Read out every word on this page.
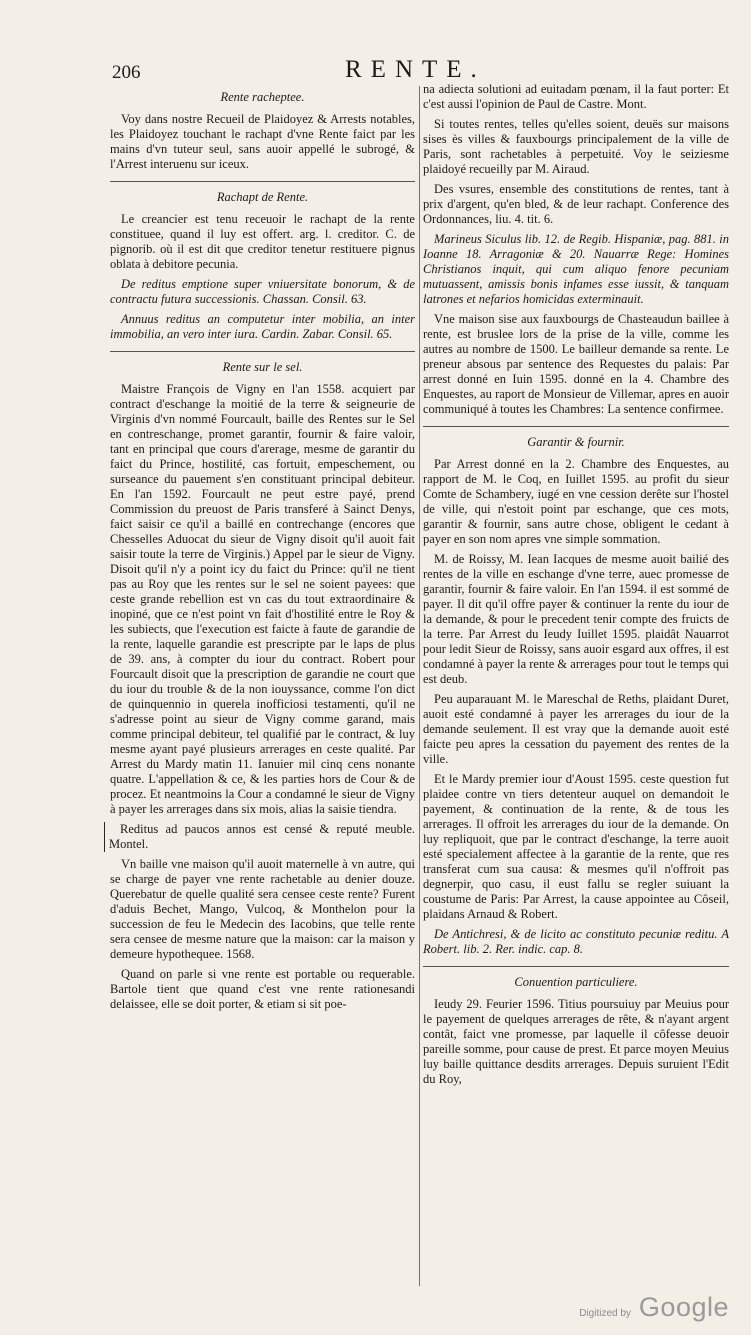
206	RENTE.

Rente racheptee.

Voy dans nostre Recueil de Plaidoyez & Arrests notables, les Plaidoyez touchant le rachapt d'vne Rente faict par les mains d'vn tuteur seul, sans auoir appellé le subrogé, & l'Arrest interuenu sur iceux.

Rachapt de Rente.

Le creancier est tenu receuoir le rachapt de la rente constituee, quand il luy est offert. arg. l. creditor. C. de pignorib. où il est dit que creditor tenetur restituere pignus oblata à debitore pecunia.

De reditus emptione super vniuersitate bonorum, & de contractu futura successionis. Chassan. Consil. 63.

Annuus reditus an computetur inter mobilia, an inter immobilia, an vero inter iura. Cardin. Zabar. Consil. 65.

Rente sur le sel.

Maistre François de Vigny en l'an 1558. acquiert par contract d'eschange la moitié de la terre & seigneurie de Virginis d'vn nommé Fourcault, baille des Rentes sur le Sel en contreschange, promet garantir, fournir & faire valoir, tant en principal que cours d'arerage, mesme de garantir du faict du Prince, hostilité, cas fortuit, empeschement, ou surseance du pauement s'en constituant principal debiteur. En l'an 1592. Fourcault ne peut estre payé, prend Commission du preuost de Paris transferé à Sainct Denys, faict saisir ce qu'il a baillé en contrechange (encores que Chesselles Aduocat du sieur de Vigny disoit qu'il auoit fait saisir toute la terre de Virginis.) Appel par le sieur de Vigny. Disoit qu'il n'y a point icy du faict du Prince: qu'il ne tient pas au Roy que les rentes sur le sel ne soient payees: que ceste grande rebellion est vn cas du tout extraordinaire & inopiné, que ce n'est point vn fait d'hostilité entre le Roy & les subiects, que l'execution est faicte à faute de garandie de la rente, laquelle garandie est prescripte par le laps de plus de 39. ans, à compter du iour du contract. Robert pour Fourcault disoit que la prescription de garandie ne court que du iour du trouble & de la non iouyssance, comme l'on dict de quinquennio in querela inofficiosi testamenti, qu'il ne s'adresse point au sieur de Vigny comme garand, mais comme principal debiteur, tel qualifié par le contract, & luy mesme ayant payé plusieurs arrerages en ceste qualité. Par Arrest du Mardy matin 11. Ianuier mil cinq cens nonante quatre. L'appellation & ce, & les parties hors de Cour & de procez. Et neantmoins la Cour a condamné le sieur de Vigny à payer les arrerages dans six mois, alias la saisie tiendra.

Reditus ad paucos annos est censé & reputé meuble. Montel.

Vn baille vne maison qu'il auoit maternelle à vn autre, qui se charge de payer vne rente rachetable au denier douze. Querebatur de quelle qualité sera censee ceste rente? Furent d'aduis Bechet, Mango, Vulcoq, & Monthelon pour la succession de feu le Medecin des Iacobins, que telle rente sera censee de mesme nature que la maison: car la maison y demeure hypothequee. 1568.

Quand on parle si vne rente est portable ou requerable. Bartole tient que quand c'est vne rente rationesandi delaissee, elle se doit porter, & etiam si sit poe-

na adiecta solutioni ad euitadam pœnam, il la faut porter: Et c'est aussi l'opinion de Paul de Castre. Mont.

Si toutes rentes, telles qu'elles soient, deuës sur maisons sises ès villes & fauxbourgs principalement de la ville de Paris, sont rachetables à perpetuité. Voy le seiziesme plaidoyé recueilly par M. Airaud.

Des vsures, ensemble des constitutions de rentes, tant à prix d'argent, qu'en bled, & de leur rachapt. Conference des Ordonnances, liu. 4. tit. 6.

Marineus Siculus lib. 12. de Regib. Hispaniæ, pag. 881. in Ioanne 18. Arragoniæ & 20. Nauarræ Rege: Homines Christianos inquit, qui cum aliquo fenore pecuniam mutuassent, amissis bonis infames esse iussit, & tanquam latrones et nefarios homicidas exterminauit.

Vne maison sise aux fauxbourgs de Chasteaudun baillee à rente, est bruslee lors de la prise de la ville, comme les autres au nombre de 1500. Le bailleur demande sa rente. Le preneur absous par sentence des Requestes du palais: Par arrest donné en Iuin 1595. donné en la 4. Chambre des Enquestes, au raport de Monsieur de Villemar, apres en auoir communiqué à toutes les Chambres: La sentence confirmee.

Garantir & fournir.

Par Arrest donné en la 2. Chambre des Enquestes, au rapport de M. le Coq, en Iuillet 1595. au profit du sieur Comte de Schambery, iugé en vne cession derête sur l'hostel de ville, qui n'estoit point par eschange, que ces mots, garantir & fournir, sans autre chose, obligent le cedant à payer en son nom apres vne simple sommation.

M. de Roissy, M. Iean Iacques de mesme auoit bailié des rentes de la ville en eschange d'vne terre, auec promesse de garantir, fournir & faire valoir. En l'an 1594. il est sommé de payer. Il dit qu'il offre payer & continuer la rente du iour de la demande, & pour le precedent tenir compte des fruicts de la terre. Par Arrest du Ieudy Iuillet 1595. plaidât Nauarrot pour ledit Sieur de Roissy, sans auoir esgard aux offres, il est condamné à payer la rente & arrerages pour tout le temps qui est deub.

Peu auparauant M. le Mareschal de Reths, plaidant Duret, auoit esté condamné à payer les arrerages du iour de la demande seulement. Il est vray que la demande auoit esté faicte peu apres la cessation du payement des rentes de la ville.

Et le Mardy premier iour d'Aoust 1595. ceste question fut plaidee contre vn tiers detenteur auquel on demandoit le payement, & continuation de la rente, & de tous les arrerages. Il offroit les arrerages du iour de la demande. On luy repliquoit, que par le contract d'eschange, la terre auoit esté specialement affectee à la garantie de la rente, que res transferat cum sua causa: & mesmes qu'il n'offroit pas degnerpir, quo casu, il eust fallu se regler suiuant la coustume de Paris: Par Arrest, la cause appointee au Côseil, plaidans Arnaud & Robert.

De Antichresi, & de licito ac constituto pecuniæ reditu. A Robert. lib. 2. Rer. indic. cap. 8.

Conuention particuliere.

Ieudy 29. Feurier 1596. Titius poursuiuy par Meuius pour le payement de quelques arrerages de rête, & n'ayant argent contât, faict vne promesse, par laquelle il côfesse deuoir pareille somme, pour cause de prest. Et parce moyen Meuius luy baille quittance desdits arrerages. Depuis suruient l'Edit du Roy,

Digitized by Google
